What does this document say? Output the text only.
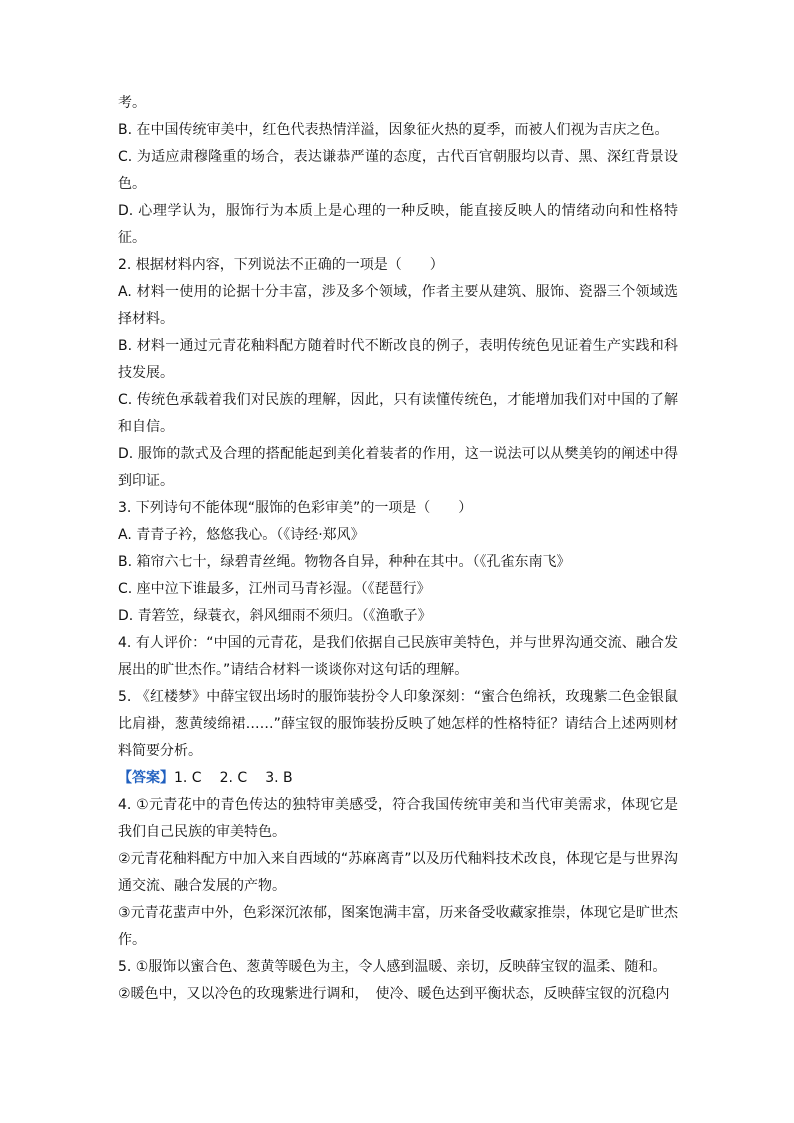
考。

B. 在中国传统审美中，红色代表热情洋溢，因象征火热的夏季，而被人们视为吉庆之色。

C. 为适应肃穆隆重的场合，表达谦恭严谨的态度，古代百官朝服均以青、黑、深红背景设色。

D. 心理学认为，服饰行为本质上是心理的一种反映，能直接反映人的情绪动向和性格特征。

2. 根据材料内容，下列说法不正确的一项是（　　）

A. 材料一使用的论据十分丰富，涉及多个领域，作者主要从建筑、服饰、瓷器三个领域选择材料。

B. 材料一通过元青花釉料配方随着时代不断改良的例子，表明传统色见证着生产实践和科技发展。

C. 传统色承载着我们对民族的理解，因此，只有读懂传统色，才能增加我们对中国的了解和自信。

D. 服饰的款式及合理的搭配能起到美化着装者的作用，这一说法可以从樊美钧的阐述中得到印证。

3. 下列诗句不能体现“服饰的色彩审美”的一项是（　　）

A. 青青子衿，悠悠我心。（《诗经·郑风》

B. 箱帘六七十，绿碧青丝绳。物物各自异，种种在其中。（《孔雀东南飞》

C. 座中泣下谁最多，江州司马青衫湿。（《琵琶行》

D. 青箬笠，绿蓑衣，斜风细雨不须归。（《渔歌子》

4. 有人评价：“中国的元青花，是我们依据自己民族审美特色，并与世界沟通交流、融合发展出的旷世杰作。”请结合材料一谈谈你对这句话的理解。

5. 《红楼梦》中薛宝钗出场时的服饰装扮令人印象深刻：“蜜合色绵袄，玫瑰紫二色金银鼠比肩褂，葱黄绫绵裙……”薛宝钗的服饰装扮反映了她怎样的性格特征？请结合上述两则材料简要分析。

【答案】1. C 2. C 3. B

4. ①元青花中的青色传达的独特审美感受，符合我国传统审美和当代审美需求，体现它是我们自己民族的审美特色。

②元青花釉料配方中加入来自西域的“苏麻离青”以及历代釉料技术改良，体现它是与世界沟通交流、融合发展的产物。

③元青花蜚声中外，色彩深沉浓郁，图案饱满丰富，历来备受收藏家推崇，体现它是旷世杰作。

5. ①服饰以蜜合色、葱黄等暖色为主，令人感到温暖、亲切，反映薛宝钗的温柔、随和。

②暖色中，又以冷色的玫瑰紫进行调和，　使冷、暖色达到平衡状态，反映薛宝钗的沉稳内
